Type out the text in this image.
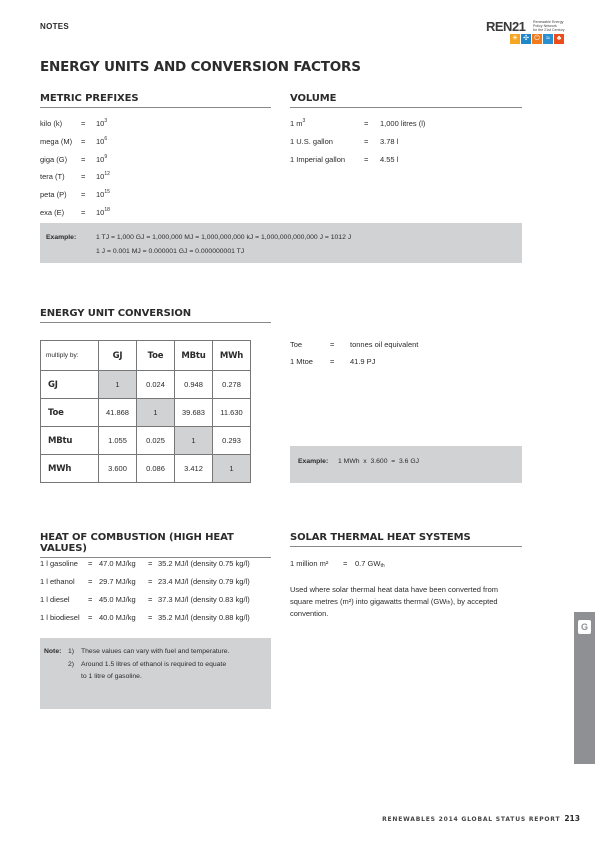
NOTES	REN21 Renewable Energy
Policy Network
for the 21st Century
☀ ✣ ⏻ ≈ ♣
ENERGY UNITS AND CONVERSION FACTORS
METRIC PREFIXES
kilo (k)	= $10^3$
mega $(M) = 10^6$
giga $(G) = 10^9$
tera $(T) = 10^{12}$
peta $(P) = 10^{15}$
exa $(E) = 10^{18}$
VOLUME
1 $m^3$	= 1,000 litres (l)
1 U.S. gallon	= 3.78 l
1 Imperial gallon	= 4.55 l
Example:	1 TJ = 1,000 GJ = 1,000,000 MJ = 1,000,000,000 kJ = 1,000,000,000,000 J = 1012 J
1 J = 0.001 MJ = 0.000001 GJ = 0.000000001 TJ
ENERGY UNIT CONVERSION
multiply by:	GJ	Toe	MBtu	MWh
GJ	1	0.024	0.948	0.278
Toe	41.868	1	39.683	11.630
MBtu	1.055	0.025	1	0.293
MWh	3.600	0.086	3.412	1
Toe	= tonnes oil equivalent
1 Mtoe = 41.9 PJ
Example: 1 MWh  x  3.600  =  3.6 GJ
HEAT OF COMBUSTION (HIGH HEAT VALUES)
1 l gasoline = 47.0 MJ/kg = 35.2 MJ/l (density 0.75 kg/l)
1 l ethanol = 29.7 MJ/kg = 23.4 MJ/l (density 0.79 kg/l)
1 l diesel = 45.0 MJ/kg = 37.3 MJ/l (density 0.83 kg/l)
1 l biodiesel = 40.0 MJ/kg = 35.2 MJ/l (density 0.88 kg/l)
Note: 1) These values can vary with fuel and temperature.
2) Around 1.5 litres of ethanol is required to equate
to 1 litre of gasoline.
SOLAR THERMAL HEAT SYSTEMS
1 million m² = 0.7 $GW_{th}$
Used where solar thermal heat data have been converted from square metres (m²) into gigawatts thermal $(GW_{th})$, by accepted convention.
G
RENEWABLES 2014 GLOBAL STATUS REPORT 213
